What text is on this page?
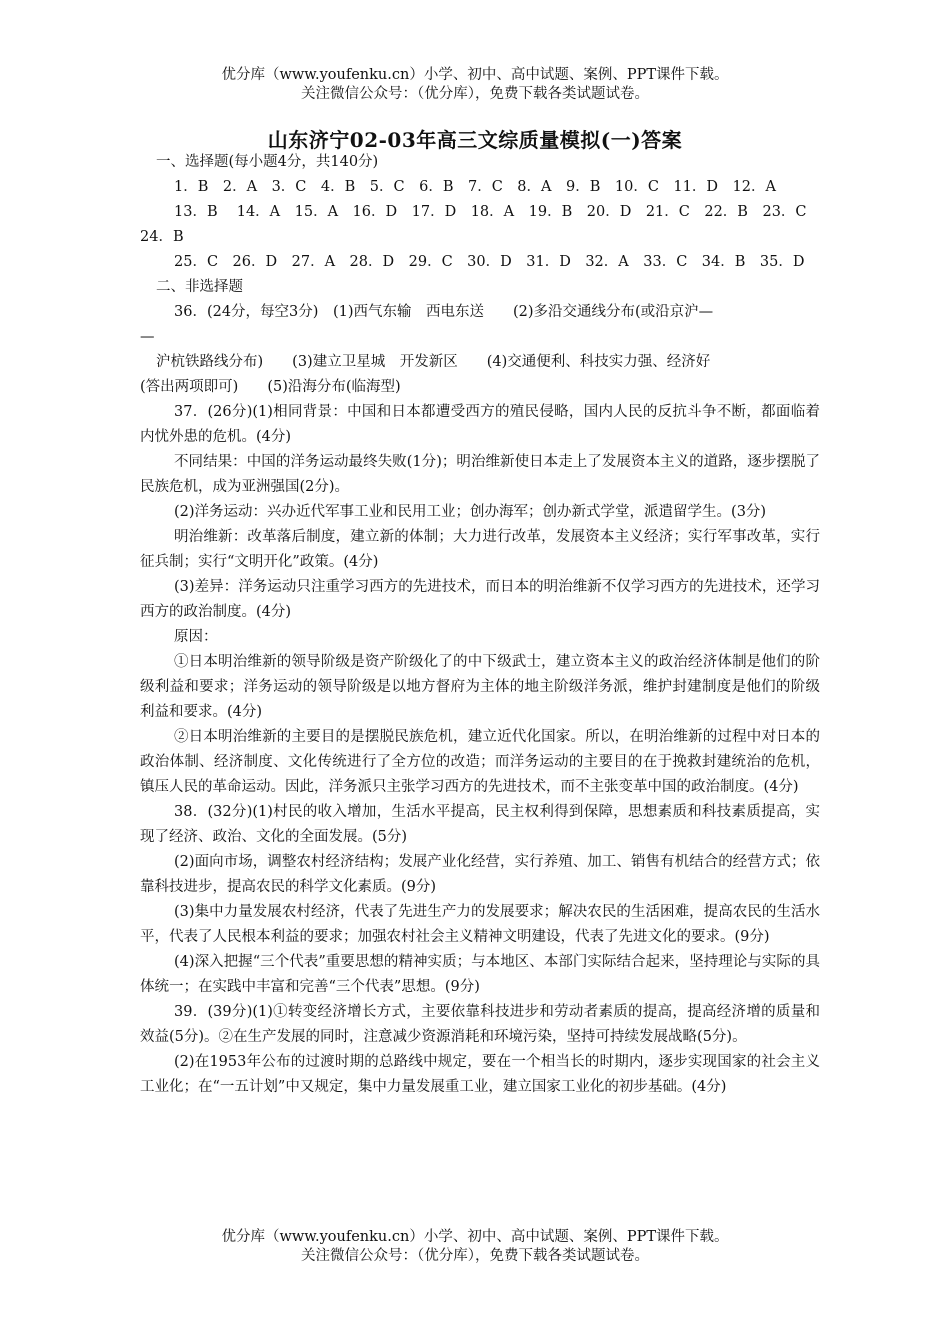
优分库（www.youfenku.cn）小学、初中、高中试题、案例、PPT课件下载。
关注微信公众号：（优分库），免费下载各类试题试卷。
山东济宁02-03年高三文综质量模拟(一)答案
一、选择题(每小题4分，共140分)
1．B　2．A　3．C　4．B　5．C　6．B　7．C　8．A　9．B　10．C　11．D　12．A
13．B　 14．A　15．A　16．D　17．D　18．A　19．B　20．D　21．C　22．B　23．C
24．B
25．C　26．D　27．A　28．D　29．C　30．D　31．D　32．A　33．C　34．B　35．D
二、非选择题
36．(24分，每空3分)　(1)西气东输　西电东送　　(2)多沿交通线分布(或沿京沪—
—
沪杭铁路线分布)　　(3)建立卫星城　开发新区　　(4)交通便利、科技实力强、经济好
(答出两项即可)　　(5)沿海分布(临海型)
37．(26分)(1)相同背景：中国和日本都遭受西方的殖民侵略，国内人民的反抗斗争不断，都面临着内忧外患的危机。(4分)
不同结果：中国的洋务运动最终失败(1分)；明治维新使日本走上了发展资本主义的道路，逐步摆脱了民族危机，成为亚洲强国(2分)。
(2)洋务运动：兴办近代军事工业和民用工业；创办海军；创办新式学堂，派遣留学生。(3分)
明治维新：改革落后制度，建立新的体制；大力进行改革，发展资本主义经济；实行军事改革，实行征兵制；实行“文明开化”政策。(4分)
(3)差异：洋务运动只注重学习西方的先进技术，而日本的明治维新不仅学习西方的先进技术，还学习西方的政治制度。(4分)
原因：
①日本明治维新的领导阶级是资产阶级化了的中下级武士，建立资本主义的政治经济体制是他们的阶级利益和要求；洋务运动的领导阶级是以地方督府为主体的地主阶级洋务派，维护封建制度是他们的阶级利益和要求。(4分)
②日本明治维新的主要目的是摆脱民族危机，建立近代化国家。所以，在明治维新的过程中对日本的政治体制、经济制度、文化传统进行了全方位的改造；而洋务运动的主要目的在于挽救封建统治的危机，镇压人民的革命运动。因此，洋务派只主张学习西方的先进技术，而不主张变革中国的政治制度。(4分)
38．(32分)(1)村民的收入增加，生活水平提高，民主权利得到保障，思想素质和科技素质提高，实现了经济、政治、文化的全面发展。(5分)
(2)面向市场，调整农村经济结构；发展产业化经营，实行养殖、加工、销售有机结合的经营方式；依靠科技进步，提高农民的科学文化素质。(9分)
(3)集中力量发展农村经济，代表了先进生产力的发展要求；解决农民的生活困难，提高农民的生活水平，代表了人民根本利益的要求；加强农村社会主义精神文明建设，代表了先进文化的要求。(9分)
(4)深入把握“三个代表”重要思想的精神实质；与本地区、本部门实际结合起来，坚持理论与实际的具体统一；在实践中丰富和完善“三个代表”思想。(9分)
39．(39分)(1)①转变经济增长方式，主要依靠科技进步和劳动者素质的提高，提高经济增的质量和效益(5分)。②在生产发展的同时，注意减少资源消耗和环境污染，坚持可持续发展战略(5分)。
(2)在1953年公布的过渡时期的总路线中规定，要在一个相当长的时期内，逐步实现国家的社会主义工业化；在“一五计划”中又规定，集中力量发展重工业，建立国家工业化的初步基础。(4分)
优分库（www.youfenku.cn）小学、初中、高中试题、案例、PPT课件下载。
关注微信公众号：（优分库），免费下载各类试题试卷。
